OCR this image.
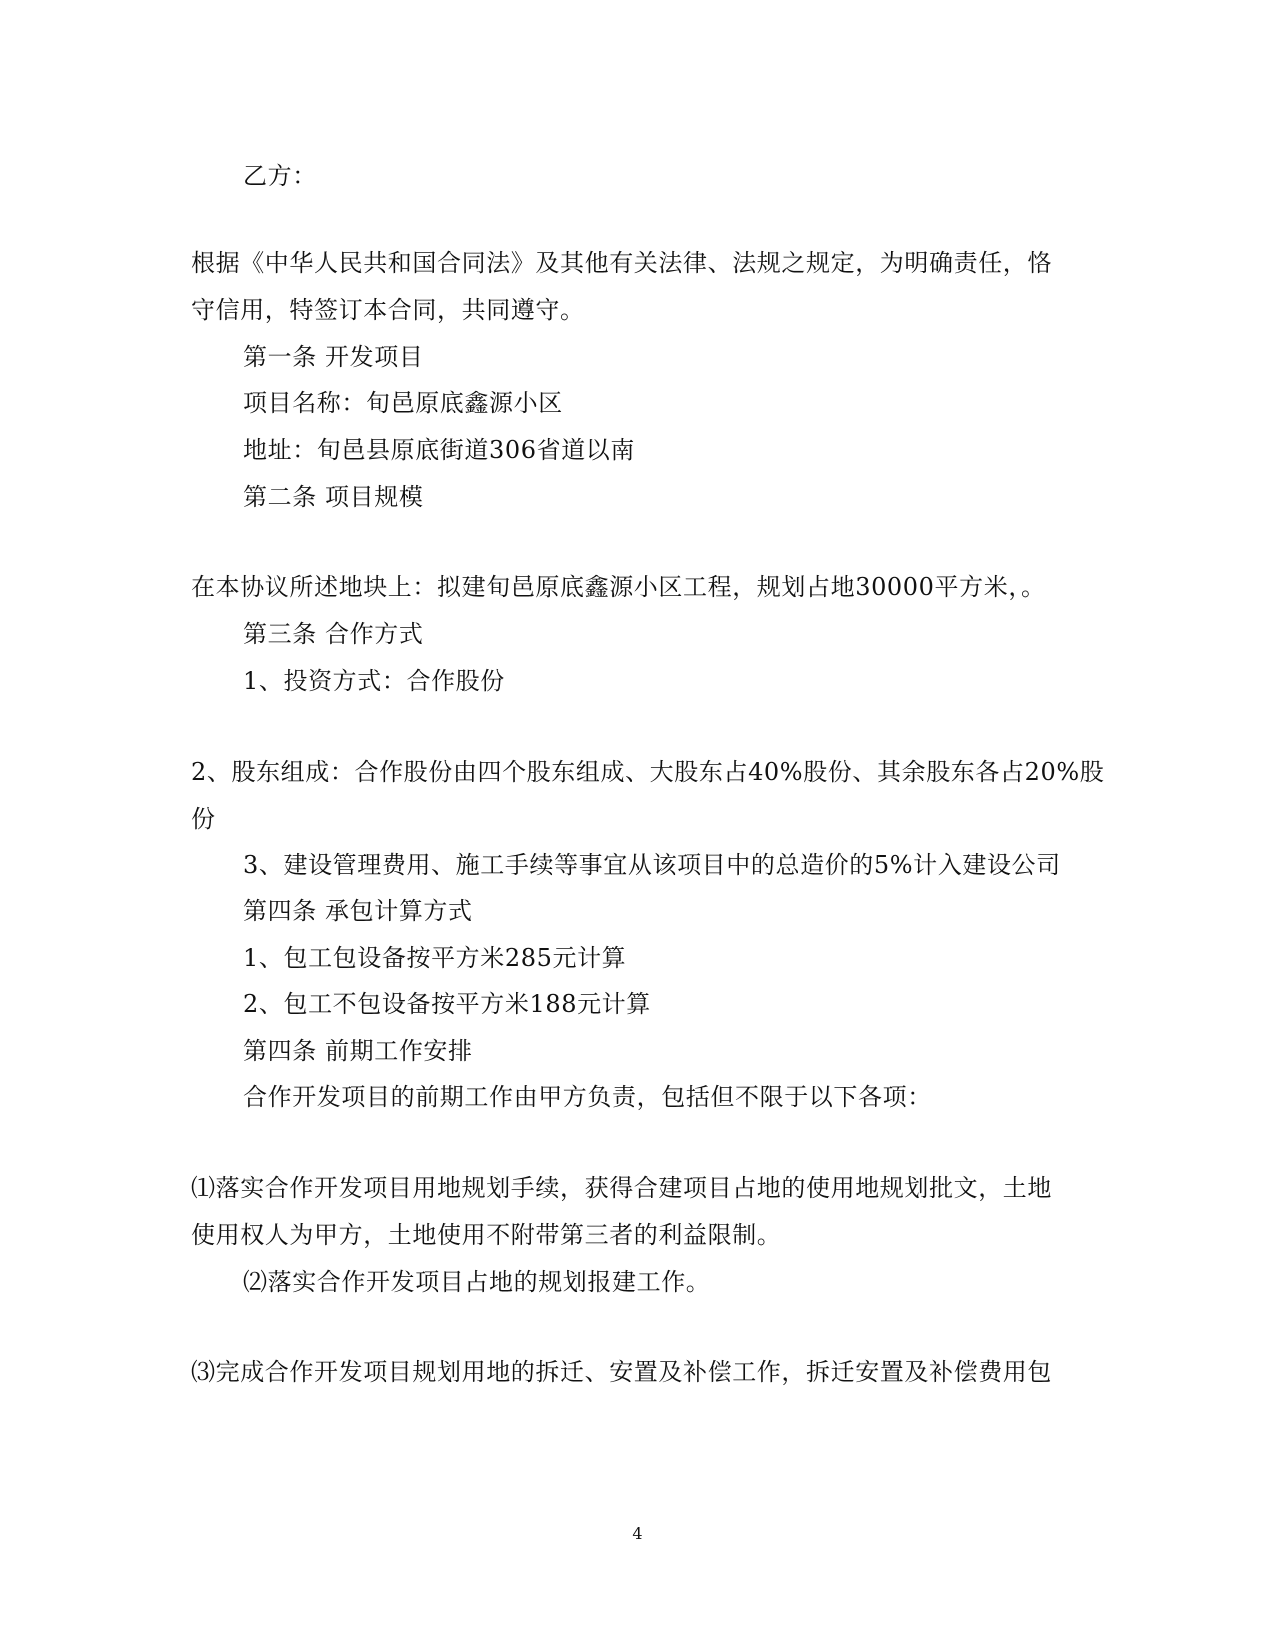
乙方：
根据《中华人民共和国合同法》及其他有关法律、法规之规定，为明确责任，恪
守信用，特签订本合同，共同遵守。
第一条 开发项目
项目名称：旬邑原底鑫源小区
地址：旬邑县原底街道306省道以南
第二条 项目规模
在本协议所述地块上：拟建旬邑原底鑫源小区工程，规划占地30000平方米，。
第三条 合作方式
1、投资方式：合作股份
2、股东组成：合作股份由四个股东组成、大股东占40%股份、其余股东各占20%股
份
3、建设管理费用、施工手续等事宜从该项目中的总造价的5%计入建设公司
第四条 承包计算方式
1、包工包设备按平方米285元计算
2、包工不包设备按平方米188元计算
第四条 前期工作安排
合作开发项目的前期工作由甲方负责，包括但不限于以下各项：
⑴落实合作开发项目用地规划手续，获得合建项目占地的使用地规划批文，土地
使用权人为甲方，土地使用不附带第三者的利益限制。
⑵落实合作开发项目占地的规划报建工作。
⑶完成合作开发项目规划用地的拆迁、安置及补偿工作，拆迁安置及补偿费用包
4
